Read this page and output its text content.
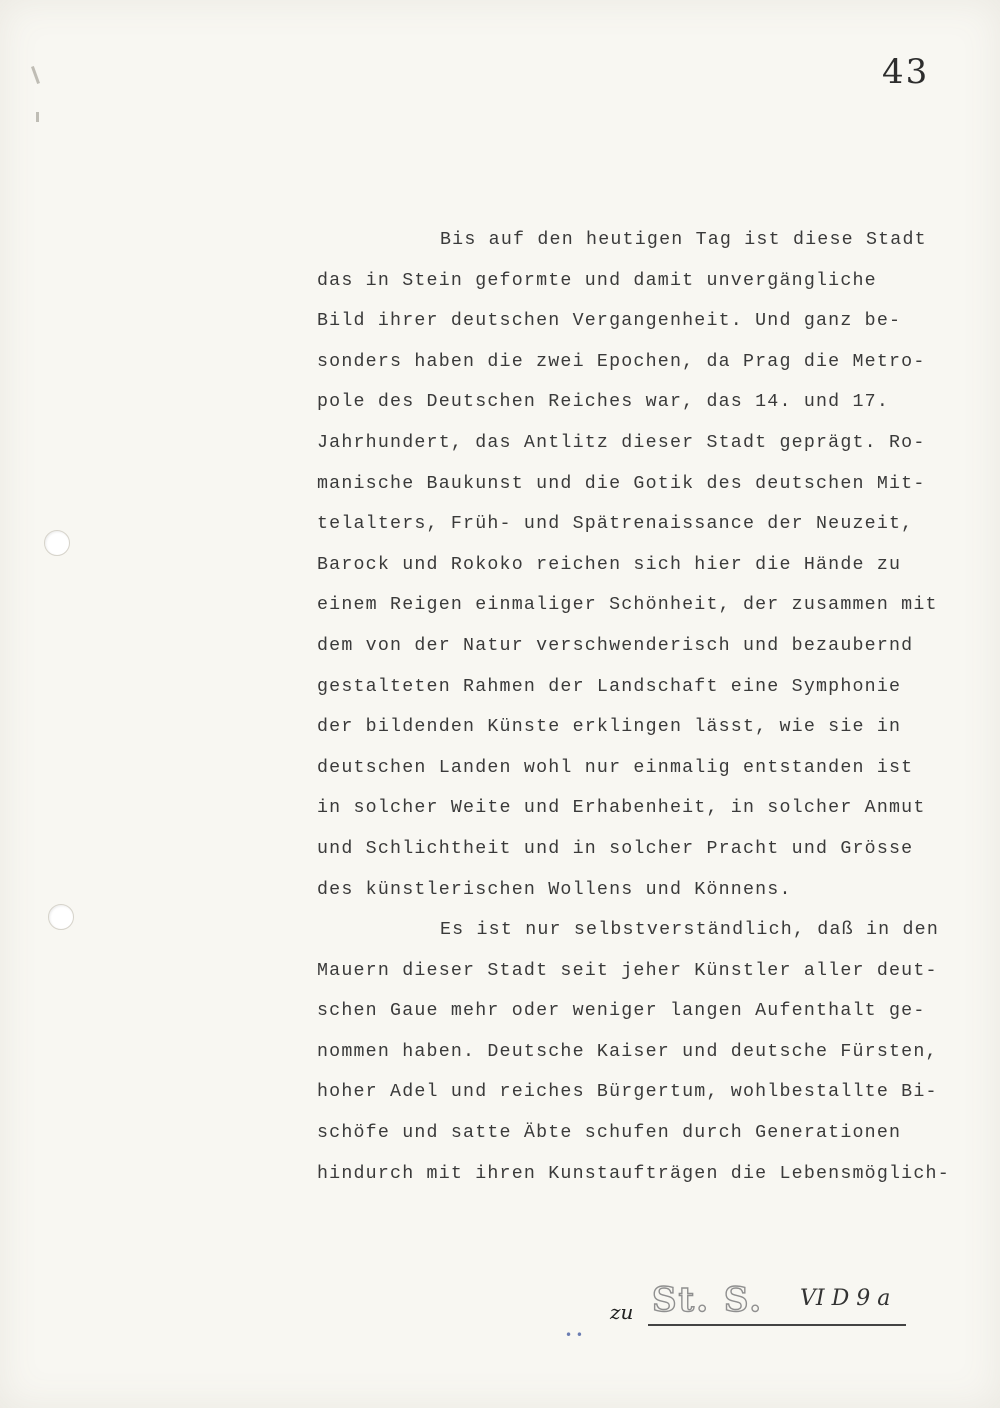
43
Bis auf den heutigen Tag ist diese Stadt
das in Stein geformte und damit unvergängliche
Bild ihrer deutschen Vergangenheit. Und ganz be-
sonders haben die zwei Epochen, da Prag die Metro-
pole des Deutschen Reiches war, das 14. und 17.
Jahrhundert, das Antlitz dieser Stadt geprägt. Ro-
manische Baukunst und die Gotik des deutschen Mit-
telalters, Früh- und Spätrenaissance der Neuzeit,
Barock und Rokoko reichen sich hier die Hände zu
einem Reigen einmaliger Schönheit, der zusammen mit
dem von der Natur verschwenderisch und bezaubernd
gestalteten Rahmen der Landschaft eine Symphonie
der bildenden Künste erklingen lässt, wie sie in
deutschen Landen wohl nur einmalig entstanden ist
in solcher Weite und Erhabenheit, in solcher Anmut
und Schlichtheit und in solcher Pracht und Grösse
des künstlerischen Wollens und Könnens.
Es ist nur selbstverständlich, daß in den
Mauern dieser Stadt seit jeher Künstler aller deut-
schen Gaue mehr oder weniger langen Aufenthalt ge-
nommen haben. Deutsche Kaiser und deutsche Fürsten,
hoher Adel und reiches Bürgertum, wohlbestallte Bi-
schöfe und satte Äbte schufen durch Generationen
hindurch mit ihren Kunstaufträgen die Lebensmöglich-
zu St. S. VI D 9 a
• •
